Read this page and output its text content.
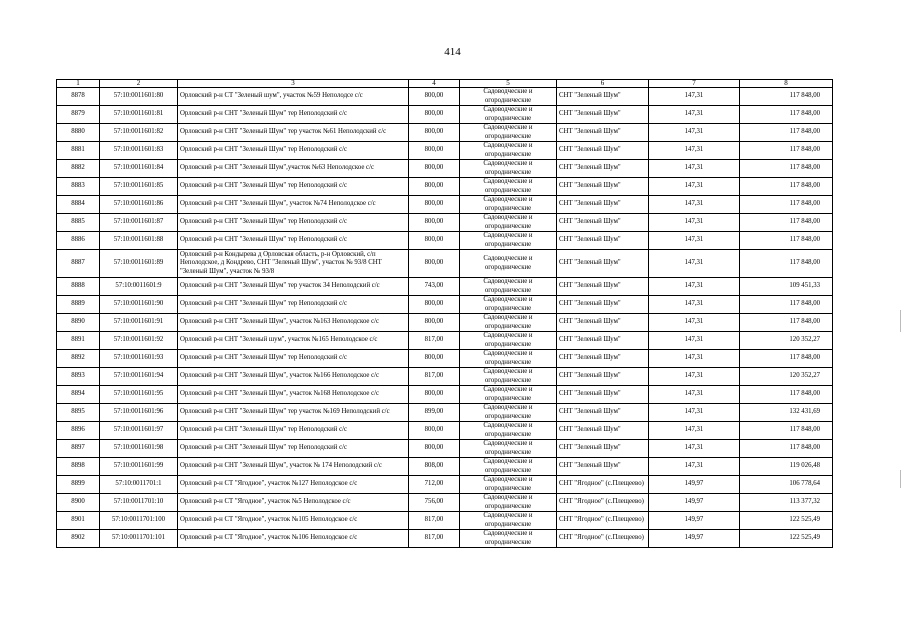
414
1	2	3	4	5	6	7	8
8878	57:10:0011601:80	Орловский р-н СТ "Зеленый шум", участок №59 Неполодсе с/с	800,00	Садоводческие и огороднические	СНТ "Зеленый Шум"	147,31	117 848,00
8879	57:10:0011601:81	Орловский р-н СНТ "Зеленый Шум" тер Неполодский с/с	800,00	Садоводческие и огороднические	СНТ "Зеленый Шум"	147,31	117 848,00
8880	57:10:0011601:82	Орловский р-н СНТ "Зеленый Шум" тер участок №61 Неполодский с/с	800,00	Садоводческие и огороднические	СНТ "Зеленый Шум"	147,31	117 848,00
8881	57:10:0011601:83	Орловский р-н СНТ "Зеленый Шум" тер Неполодский с/с	800,00	Садоводческие и огороднические	СНТ "Зеленый Шум"	147,31	117 848,00
8882	57:10:0011601:84	Орловский р-н СНТ "Зеленый Шум",участок №63 Неполодское с/с	800,00	Садоводческие и огороднические	СНТ "Зеленый Шум"	147,31	117 848,00
8883	57:10:0011601:85	Орловский р-н СНТ "Зеленый Шум" тер Неполодский с/с	800,00	Садоводческие и огороднические	СНТ "Зеленый Шум"	147,31	117 848,00
8884	57:10:0011601:86	Орловский р-н СНТ "Зеленый Шум", участок №74 Неполодское с/с	800,00	Садоводческие и огороднические	СНТ "Зеленый Шум"	147,31	117 848,00
8885	57:10:0011601:87	Орловский р-н СНТ "Зеленый Шум" тер Неполодский с/с	800,00	Садоводческие и огороднические	СНТ "Зеленый Шум"	147,31	117 848,00
8886	57:10:0011601:88	Орловский р-н СНТ "Зеленый Шум" тер Неполодский с/с	800,00	Садоводческие и огороднические	СНТ "Зеленый Шум"	147,31	117 848,00
8887	57:10:0011601:89	Орловский р-н Кондырева д Орловская область, р-н Орловский, с/п Неполодское, д Кондрево, СНТ "Зеленый Шум", участок № 93/8 СНТ "Зеленый Шум", участок № 93/8	800,00	Садоводческие и огороднические	СНТ "Зеленый Шум"	147,31	117 848,00
8888	57:10:0011601:9	Орловский р-н СНТ "Зеленый Шум" тер участок 34 Неполодский с/с	743,00	Садоводческие и огороднические	СНТ "Зеленый Шум"	147,31	109 451,33
8889	57:10:0011601:90	Орловский р-н СНТ "Зеленый Шум" тер Неполодский с/с	800,00	Садоводческие и огороднические	СНТ "Зеленый Шум"	147,31	117 848,00
8890	57:10:0011601:91	Орловский р-н СНТ "Зеленый Шум", участок №163 Неполодское с/с	800,00	Садоводческие и огороднические	СНТ "Зеленый Шум"	147,31	117 848,00
8891	57:10:0011601:92	Орловский р-н СНТ "Зеленый шум", участок №165 Неполодское с/с	817,00	Садоводческие и огороднические	СНТ "Зеленый Шум"	147,31	120 352,27
8892	57:10:0011601:93	Орловский р-н СНТ "Зеленый Шум" тер Неполодский с/с	800,00	Садоводческие и огороднические	СНТ "Зеленый Шум"	147,31	117 848,00
8893	57:10:0011601:94	Орловский р-н СНТ "Зеленый Шум", участок №166 Неполодское с/с	817,00	Садоводческие и огороднические	СНТ "Зеленый Шум"	147,31	120 352,27
8894	57:10:0011601:95	Орловский р-н СНТ "Зеленый Шум", участок №168 Неполодское с/с	800,00	Садоводческие и огороднические	СНТ "Зеленый Шум"	147,31	117 848,00
8895	57:10:0011601:96	Орловский р-н СНТ "Зеленый Шум" тер участок №169 Неполодский с/с	899,00	Садоводческие и огороднические	СНТ "Зеленый Шум"	147,31	132 431,69
8896	57:10:0011601:97	Орловский р-н СНТ "Зеленый Шум" тер Неполодский с/с	800,00	Садоводческие и огороднические	СНТ "Зеленый Шум"	147,31	117 848,00
8897	57:10:0011601:98	Орловский р-н СНТ "Зеленый Шум" тер Неполодский с/с	800,00	Садоводческие и огороднические	СНТ "Зеленый Шум"	147,31	117 848,00
8898	57:10:0011601:99	Орловский р-н СНТ "Зеленый Шум", участок № 174 Неполодский с/с	808,00	Садоводческие и огороднические	СНТ "Зеленый Шум"	147,31	119 026,48
8899	57:10:0011701:1	Орловский р-н СТ "Ягодное", участок №127 Неполодское с/с	712,00	Садоводческие и огороднические	СНТ "Ягодное" (с.Плещеево)	149,97	106 778,64
8900	57:10:0011701:10	Орловский р-н СТ "Ягодное", участок №5 Неполодское с/с	756,00	Садоводческие и огороднические	СНТ "Ягодное" (с.Плещеево)	149,97	113 377,32
8901	57:10:0011701:100	Орловский р-н СТ "Ягодное", участок №105 Неполодское с/с	817,00	Садоводческие и огороднические	СНТ "Ягодное" (с.Плещеево)	149,97	122 525,49
8902	57:10:0011701:101	Орловский р-н СТ "Ягодное", участок №106 Неполодское с/с	817,00	Садоводческие и огороднические	СНТ "Ягодное" (с.Плещеево)	149,97	122 525,49
